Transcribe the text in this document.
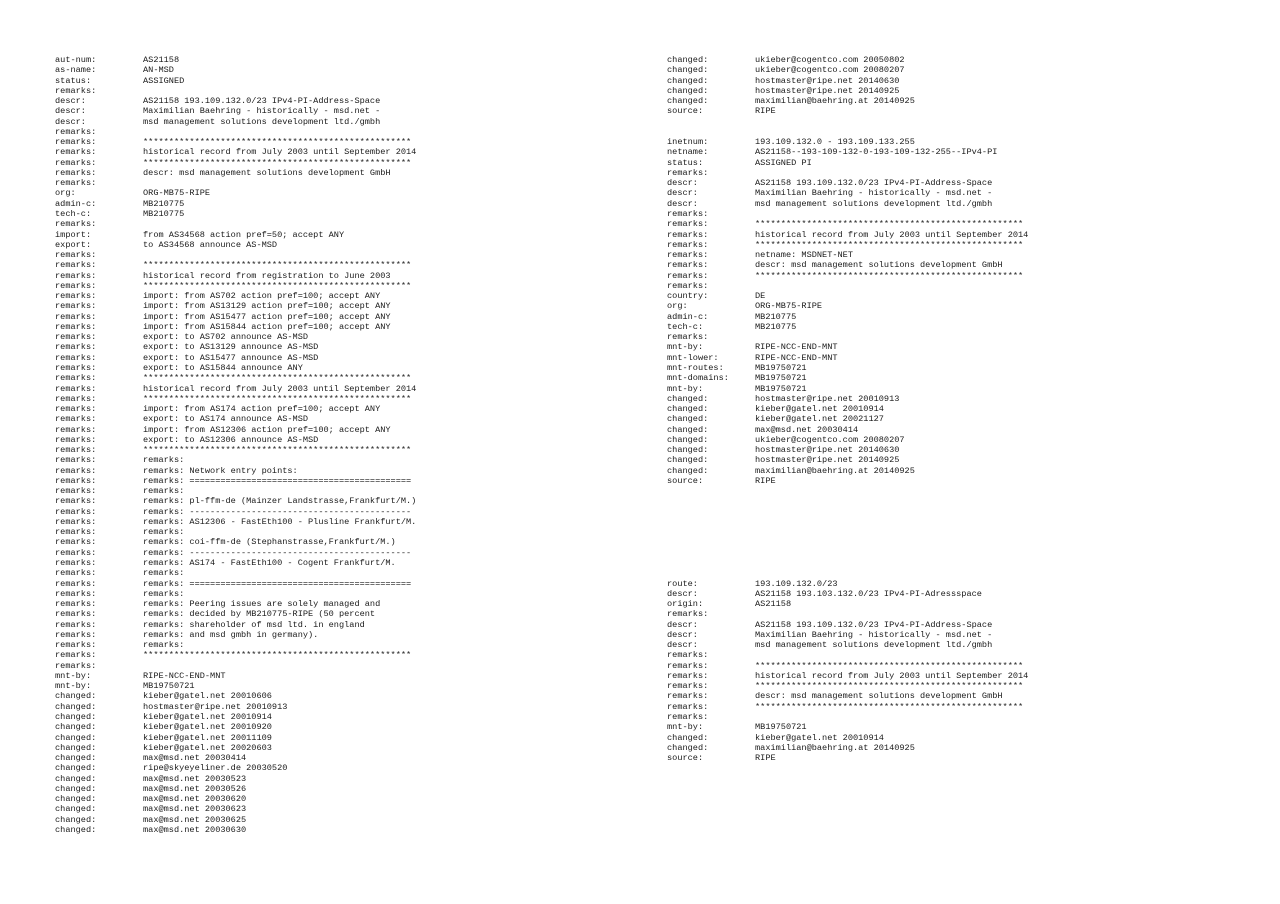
aut-num:	AS21158
as-name:	AN-MSD
status:	ASSIGNED
remarks:
descr:	AS21158 193.109.132.0/23 IPv4-PI-Address-Space
descr:	Maximilian Baehring - historically - msd.net -
descr:	msd management solutions development ltd./gmbh
remarks:
remarks:	****************************************************
remarks:	historical record from July 2003 until September 2014
remarks:	****************************************************
remarks:	descr: msd management solutions development GmbH
remarks:
org:	ORG-MB75-RIPE
admin-c:	MB210775
tech-c:	MB210775
remarks:
import:	from AS34568 action pref=50; accept ANY
export:	to AS34568 announce AS-MSD
remarks:
remarks:	****************************************************
remarks:	historical record from registration to June 2003
remarks:	****************************************************
remarks:	import: from AS702 action pref=100; accept ANY
remarks:	import: from AS13129 action pref=100; accept ANY
remarks:	import: from AS15477 action pref=100; accept ANY
remarks:	import: from AS15844 action pref=100; accept ANY
remarks:	export: to AS702 announce AS-MSD
remarks:	export: to AS13129 announce AS-MSD
remarks:	export: to AS15477 announce AS-MSD
remarks:	export: to AS15844 announce ANY
remarks:	****************************************************
remarks:	historical record from July 2003 until September 2014
remarks:	****************************************************
remarks:	import: from AS174 action pref=100; accept ANY
remarks:	export: to AS174 announce AS-MSD
remarks:	import: from AS12306 action pref=100; accept ANY
remarks:	export: to AS12306 announce AS-MSD
remarks:	****************************************************
remarks:	remarks:
remarks:	remarks: Network entry points:
remarks:	remarks: ===========================================
remarks:	remarks:
remarks:	remarks: pl-ffm-de (Mainzer Landstrasse,Frankfurt/M.)
remarks:	remarks: -------------------------------------------
remarks:	remarks: AS12306 - FastEth100 - Plusline Frankfurt/M.
remarks:	remarks:
remarks:	remarks: coi-ffm-de (Stephanstrasse,Frankfurt/M.)
remarks:	remarks: -------------------------------------------
remarks:	remarks: AS174 - FastEth100 - Cogent Frankfurt/M.
remarks:	remarks:
remarks:	remarks: ===========================================
remarks:	remarks:
remarks:	remarks: Peering issues are solely managed and
remarks:	remarks: decided by MB210775-RIPE (50 percent
remarks:	remarks: shareholder of msd ltd. in england
remarks:	remarks: and msd gmbh in germany).
remarks:	remarks:
remarks:	****************************************************
remarks:
mnt-by:	RIPE-NCC-END-MNT
mnt-by:	MB19750721
changed:	kieber@gatel.net 20010606
changed:	hostmaster@ripe.net 20010913
changed:	kieber@gatel.net 20010914
changed:	kieber@gatel.net 20010920
changed:	kieber@gatel.net 20011109
changed:	kieber@gatel.net 20020603
changed:	max@msd.net 20030414
changed:	ripe@skyeyeliner.de 20030520
changed:	max@msd.net 20030523
changed:	max@msd.net 20030526
changed:	max@msd.net 20030620
changed:	max@msd.net 20030623
changed:	max@msd.net 20030625
changed:	max@msd.net 20030630
changed:	ukieber@cogentco.com 20050802
changed:	ukieber@cogentco.com 20080207
changed:	hostmaster@ripe.net 20140630
changed:	hostmaster@ripe.net 20140925
changed:	maximilian@baehring.at 20140925
source:	RIPE
inetnum:	193.109.132.0 - 193.109.133.255
netname:	AS21158--193-109-132-0-193-109-132-255--IPv4-PI
status:	ASSIGNED PI
remarks:
descr:	AS21158 193.109.132.0/23 IPv4-PI-Address-Space
descr:	Maximilian Baehring - historically - msd.net -
descr:	msd management solutions development ltd./gmbh
remarks:
remarks:	****************************************************
remarks:	historical record from July 2003 until September 2014
remarks:	****************************************************
remarks:	netname: MSDNET-NET
remarks:	descr: msd management solutions development GmbH
remarks:	****************************************************
remarks:
country:	DE
org:	ORG-MB75-RIPE
admin-c:	MB210775
tech-c:	MB210775
remarks:
mnt-by:	RIPE-NCC-END-MNT
mnt-lower:	RIPE-NCC-END-MNT
mnt-routes:	MB19750721
mnt-domains:	MB19750721
mnt-by:	MB19750721
changed:	hostmaster@ripe.net 20010913
changed:	kieber@gatel.net 20010914
changed:	kieber@gatel.net 20021127
changed:	max@msd.net 20030414
changed:	ukieber@cogentco.com 20080207
changed:	hostmaster@ripe.net 20140630
changed:	hostmaster@ripe.net 20140925
changed:	maximilian@baehring.at 20140925
source:	RIPE
route:	193.109.132.0/23
descr:	AS21158 193.103.132.0/23 IPv4-PI-Adressspace
origin:	AS21158
remarks:
descr:	AS21158 193.109.132.0/23 IPv4-PI-Address-Space
descr:	Maximilian Baehring - historically - msd.net -
descr:	msd management solutions development ltd./gmbh
remarks:
remarks:	****************************************************
remarks:	historical record from July 2003 until September 2014
remarks:	****************************************************
remarks:	descr: msd management solutions development GmbH
remarks:	****************************************************
remarks:
mnt-by:	MB19750721
changed:	kieber@gatel.net 20010914
changed:	maximilian@baehring.at 20140925
source:	RIPE
